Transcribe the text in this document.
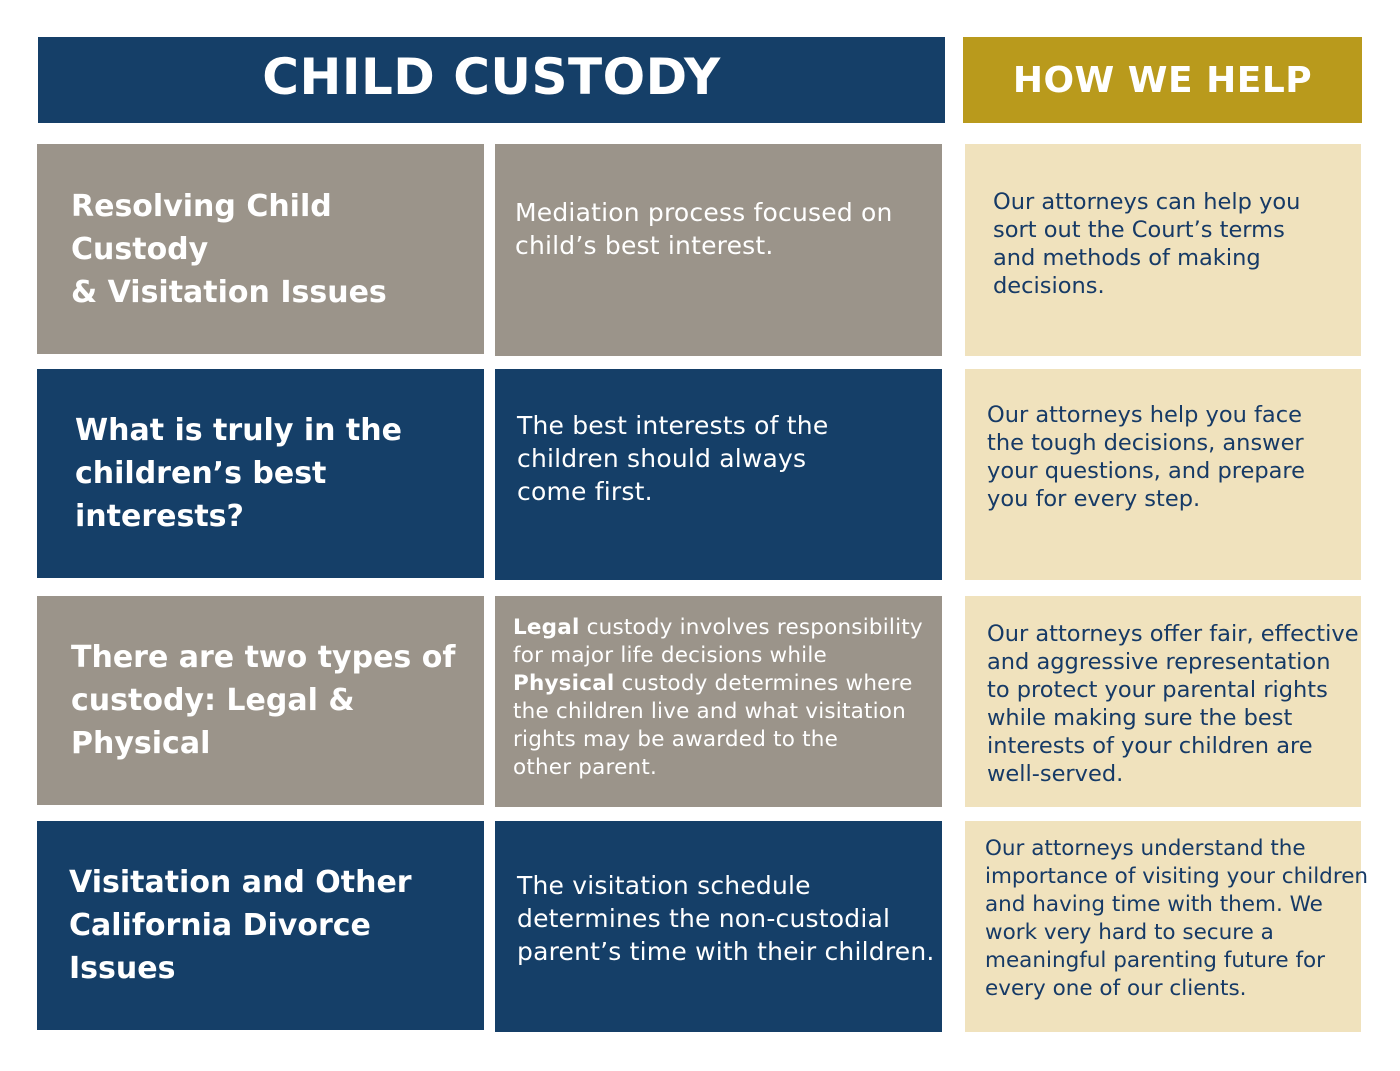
CHILD CUSTODY	HOW WE HELP
Resolving Child Custody
& Visitation Issues
Mediation process focused on
child’s best interest.
Our attorneys can help you
sort out the Court’s terms
and methods of making
decisions.
What is truly in the
children’s best interests?
The best interests of the
children should always
come first.
Our attorneys help you face
the tough decisions, answer
your questions, and prepare
you for every step.
There are two types of
custody: Legal & Physical
Legal custody involves responsibility
for major life decisions while
Physical custody determines where
the children live and what visitation
rights may be awarded to the
other parent.
Our attorneys offer fair, effective
and aggressive representation
to protect your parental rights
while making sure the best
interests of your children are
well-served.
Visitation and Other
California Divorce Issues
The visitation schedule
determines the non-custodial
parent’s time with their children.
Our attorneys understand the
importance of visiting your children
and having time with them. We
work very hard to secure a
meaningful parenting future for
every one of our clients.
